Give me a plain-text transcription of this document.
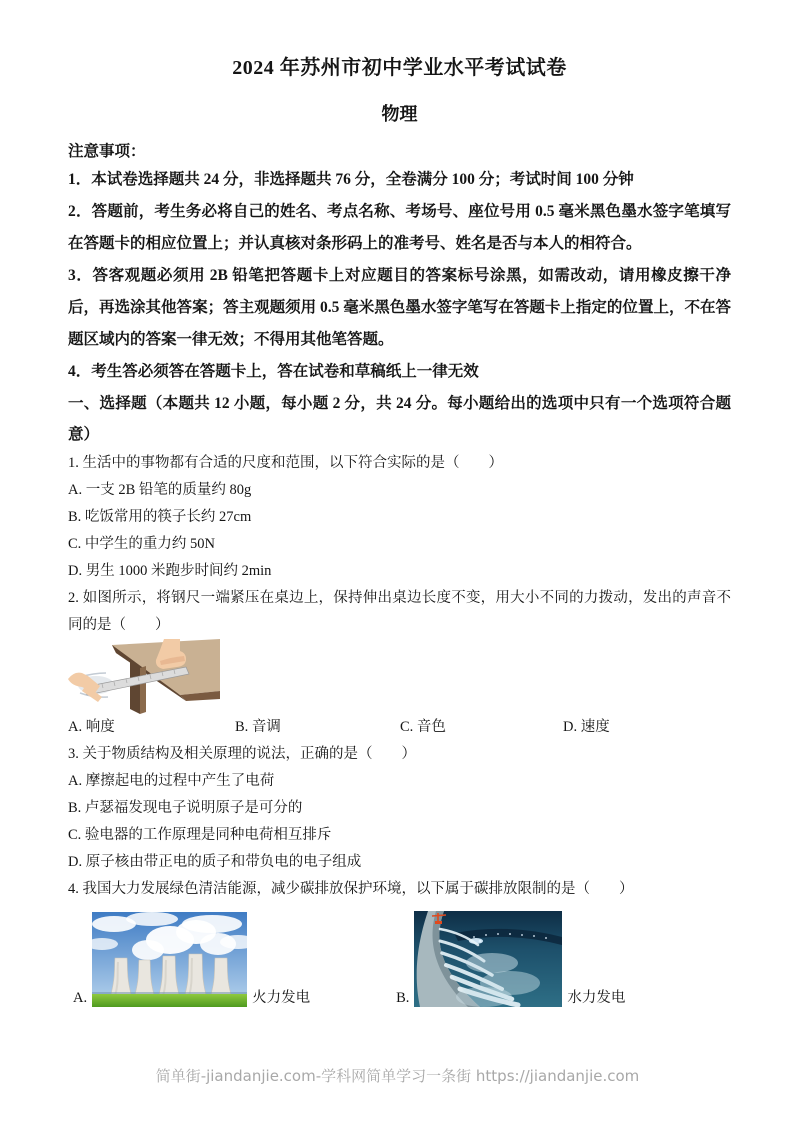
2024 年苏州市初中学业水平考试试卷
物理

注意事项：

1．本试卷选择题共 24 分，非选择题共 76 分，全卷满分 100 分；考试时间 100 分钟

2．答题前，考生务必将自己的姓名、考点名称、考场号、座位号用 0.5 毫米黑色墨水签字笔填写在答题卡的相应位置上；并认真核对条形码上的准考号、姓名是否与本人的相符合。

3．答客观题必须用 2B 铅笔把答题卡上对应题目的答案标号涂黑，如需改动，请用橡皮擦干净后，再选涂其他答案；答主观题须用 0.5 毫米黑色墨水签字笔写在答题卡上指定的位置上，不在答题区域内的答案一律无效；不得用其他笔答题。

4．考生答必须答在答题卡上，答在试卷和草稿纸上一律无效

一、选择题（本题共 12 小题，每小题 2 分，共 24 分。每小题给出的选项中只有一个选项符合题意）

1. 生活中的事物都有合适的尺度和范围，以下符合实际的是（　　）

A. 一支 2B 铅笔的质量约 80g

B. 吃饭常用的筷子长约 27cm

C. 中学生的重力约 50N

D. 男生 1000 米跑步时间约 2min

2. 如图所示，将钢尺一端紧压在桌边上，保持伸出桌边长度不变，用大小不同的力拨动，发出的声音不同的是（　　）

A. 响度	B. 音调	C. 音色	D. 速度

3. 关于物质结构及相关原理的说法，正确的是（　　）

A. 摩擦起电的过程中产生了电荷

B. 卢瑟福发现电子说明原子是可分的

C. 验电器的工作原理是同种电荷相互排斥

D. 原子核由带正电的质子和带负电的电子组成

4. 我国大力发展绿色清洁能源，减少碳排放保护环境，以下属于碳排放限制的是（　　）

A.	火力发电	B.	水力发电
简单街-jiandanjie.com-学科网简单学习一条街 https://jiandanjie.com
